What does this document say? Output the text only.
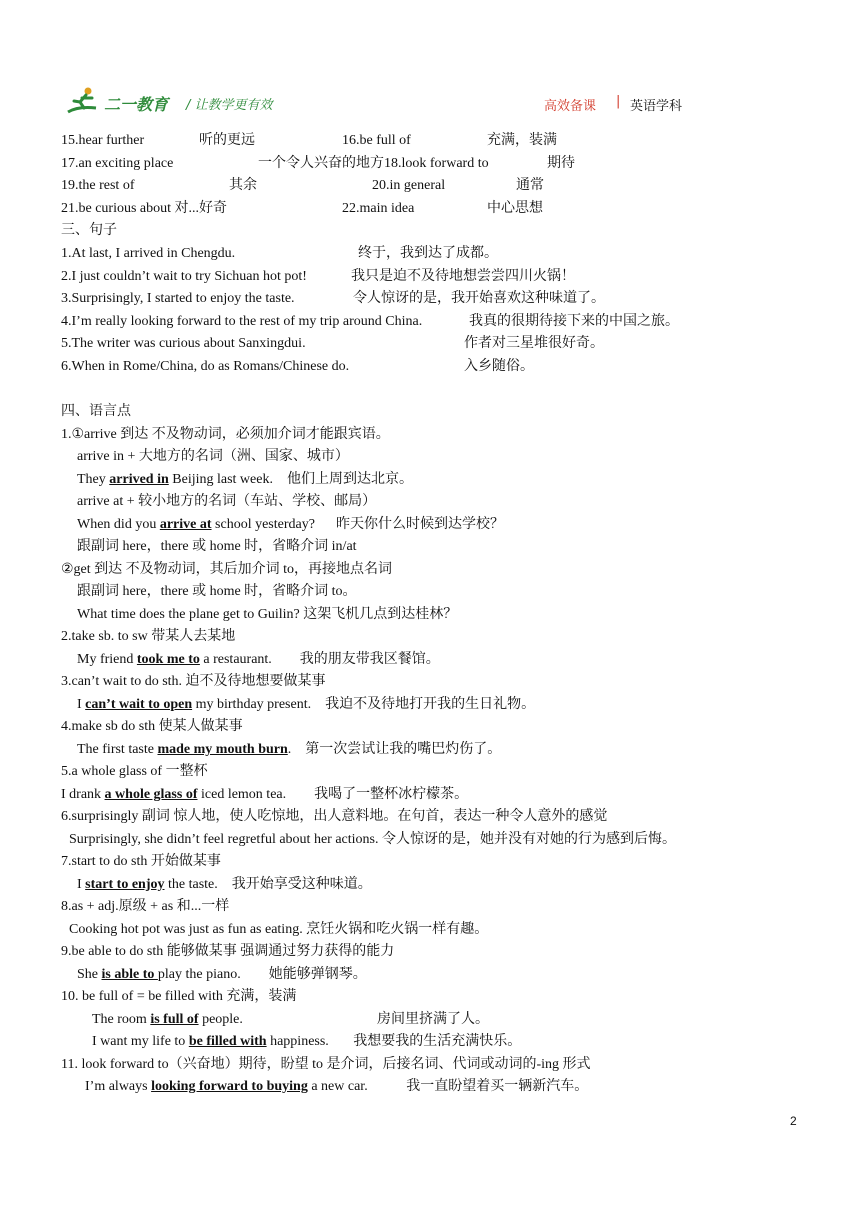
二一教育 / 让教学更有效	高效备课 | 英语学科
15.hear further	听的更远	16.be full of	充满，装满
17.an exciting place	一个令人兴奋的地方 18.look forward to	期待
19.the rest of	其余	20.in general	通常
21.be curious about 对...好奇	22.main idea	中心思想
三、句子
1.At last, I arrived in Chengdu.	终于，我到达了成都。
2.I just couldn’t wait to try Sichuan hot pot!	我只是迫不及待地想尝尝四川火锅！
3.Surprisingly, I started to enjoy the taste.	令人惊讶的是，我开始喜欢这种味道了。
4.I’m really looking forward to the rest of my trip around China.	我真的很期待接下来的中国之旅。
5.The writer was curious about Sanxingdui.	作者对三星堆很好奇。
6.When in Rome/China, do as Romans/Chinese do.	入乡随俗。
四、语言点
1.①arrive 到达 不及物动词，必须加介词才能跟宾语。
arrive in + 大地方的名词（洲、国家、城市）
They arrived in Beijing last week.    他们上周到达北京。
arrive at + 较小地方的名词（车站、学校、邮局）
When did you arrive at school yesterday?      昨天你什么时候到达学校？
跟副词 here，there 或 home 时，省略介词 in/at
②get 到达 不及物动词，其后加介词 to，再接地点名词
跟副词 here，there 或 home 时，省略介词 to。
What time does the plane get to Guilin? 这架飞机几点到达桂林？
2.take sb. to sw 带某人去某地
My friend took me to a restaurant.        我的朋友带我区餐馆。
3.can’t wait to do sth. 迫不及待地想要做某事
I can’t wait to open my birthday present.    我迫不及待地打开我的生日礼物。
4.make sb do sth 使某人做某事
The first taste made my mouth burn.    第一次尝试让我的嘴巴灼伤了。
5.a whole glass of 一整杯
I drank a whole glass of iced lemon tea.        我喝了一整杯冰柠檬茶。
6.surprisingly 副词 惊人地，使人吃惊地，出人意料地。在句首，表达一种令人意外的感觉
Surprisingly, she didn’t feel regretful about her actions. 令人惊讶的是，她并没有对她的行为感到后悔。
7.start to do sth 开始做某事
I start to enjoy the taste.    我开始享受这种味道。
8.as + adj.原级 + as 和...一样
Cooking hot pot was just as fun as eating. 烹饪火锅和吃火锅一样有趣。
9.be able to do sth 能够做某事 强调通过努力获得的能力
She is able to play the piano.        她能够弹钢琴。
10. be full of = be filled with 充满，装满
The room is full of people.	房间里挤满了人。
I want my life to be filled with happiness.       我想要我的生活充满快乐。
11. look forward to（兴奋地）期待，盼望 to 是介词，后接名词、代词或动词的-ing 形式
I’m always looking forward to buying a new car.           我一直盼望着买一辆新汽车。
2
